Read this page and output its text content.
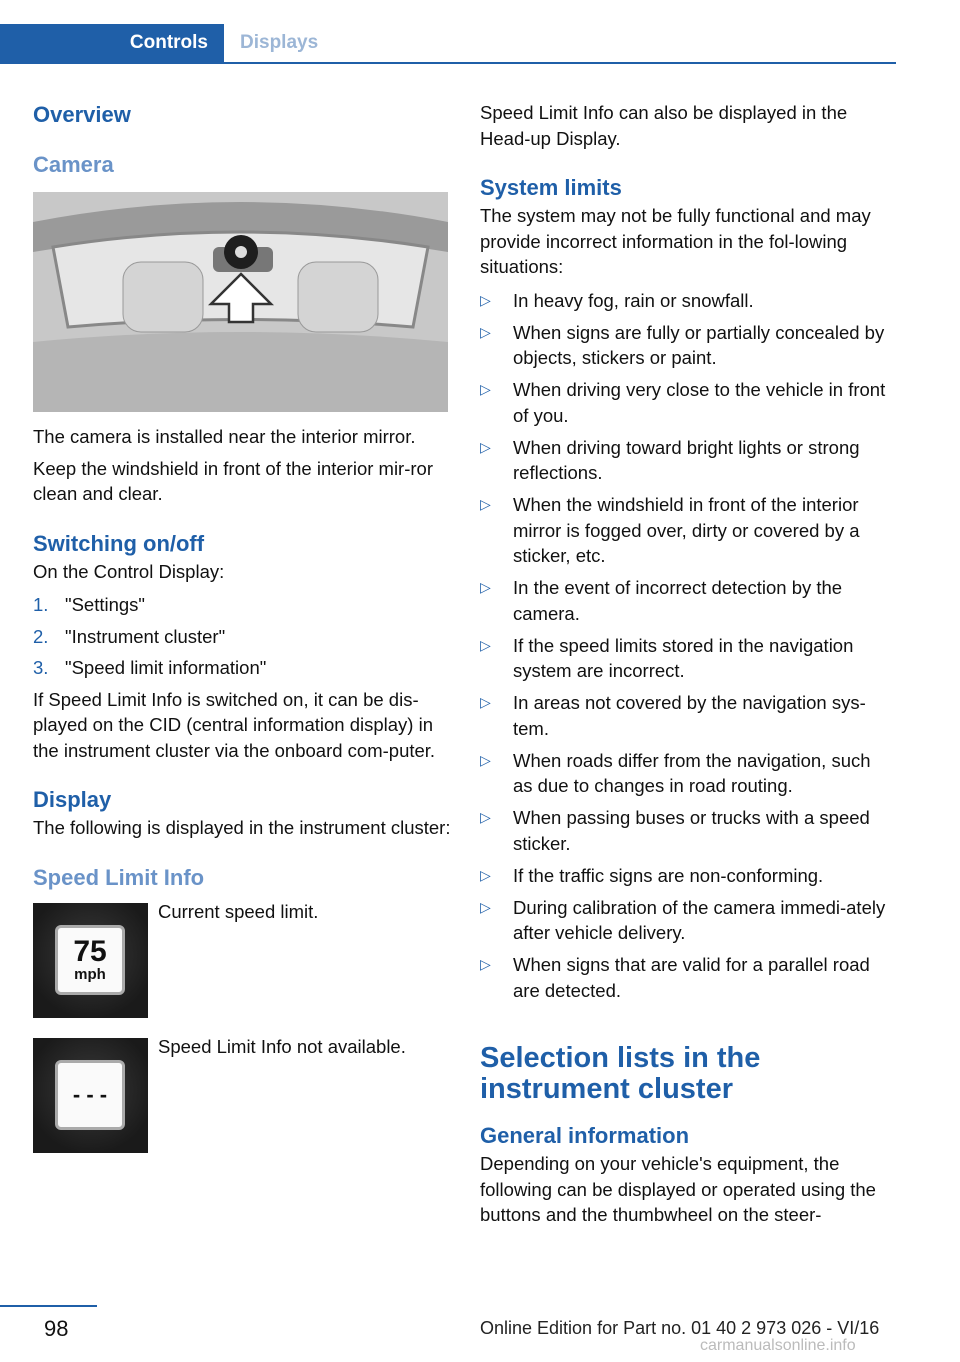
Controls Displays
Overview
Camera

The camera is installed near the interior mirror.

Keep the windshield in front of the interior mir‐ror clean and clear.

Switching on/off

On the Control Display:

1. "Settings"
2. "Instrument cluster"
3. "Speed limit information"

If Speed Limit Info is switched on, it can be dis‐played on the CID (central information display) in the instrument cluster via the onboard com‐puter.

Display

The following is displayed in the instrument cluster:

Speed Limit Info
75
mph

Current speed limit.

- - -

Speed Limit Info not available.

Speed Limit Info can also be displayed in the Head-up Display.

System limits

The system may not be fully functional and may provide incorrect information in the fol‐lowing situations:

▷	In heavy fog, rain or snowfall.
▷	When signs are fully or partially concealed by objects, stickers or paint.
▷	When driving very close to the vehicle in front of you.
▷	When driving toward bright lights or strong reflections.
▷	When the windshield in front of the interior mirror is fogged over, dirty or covered by a sticker, etc.
▷	In the event of incorrect detection by the camera.
▷	If the speed limits stored in the navigation system are incorrect.
▷	In areas not covered by the navigation sys‐tem.
▷	When roads differ from the navigation, such as due to changes in road routing.
▷	When passing buses or trucks with a speed sticker.
▷	If the traffic signs are non-conforming.
▷	During calibration of the camera immedi‐ately after vehicle delivery.
▷	When signs that are valid for a parallel road are detected.
Selection lists in the instrument cluster
General information

Depending on your vehicle's equipment, the following can be displayed or operated using the buttons and the thumbwheel on the steer‐

98	Online Edition for Part no. 01 40 2 973 026 - VI/16
carmanualsonline.info
